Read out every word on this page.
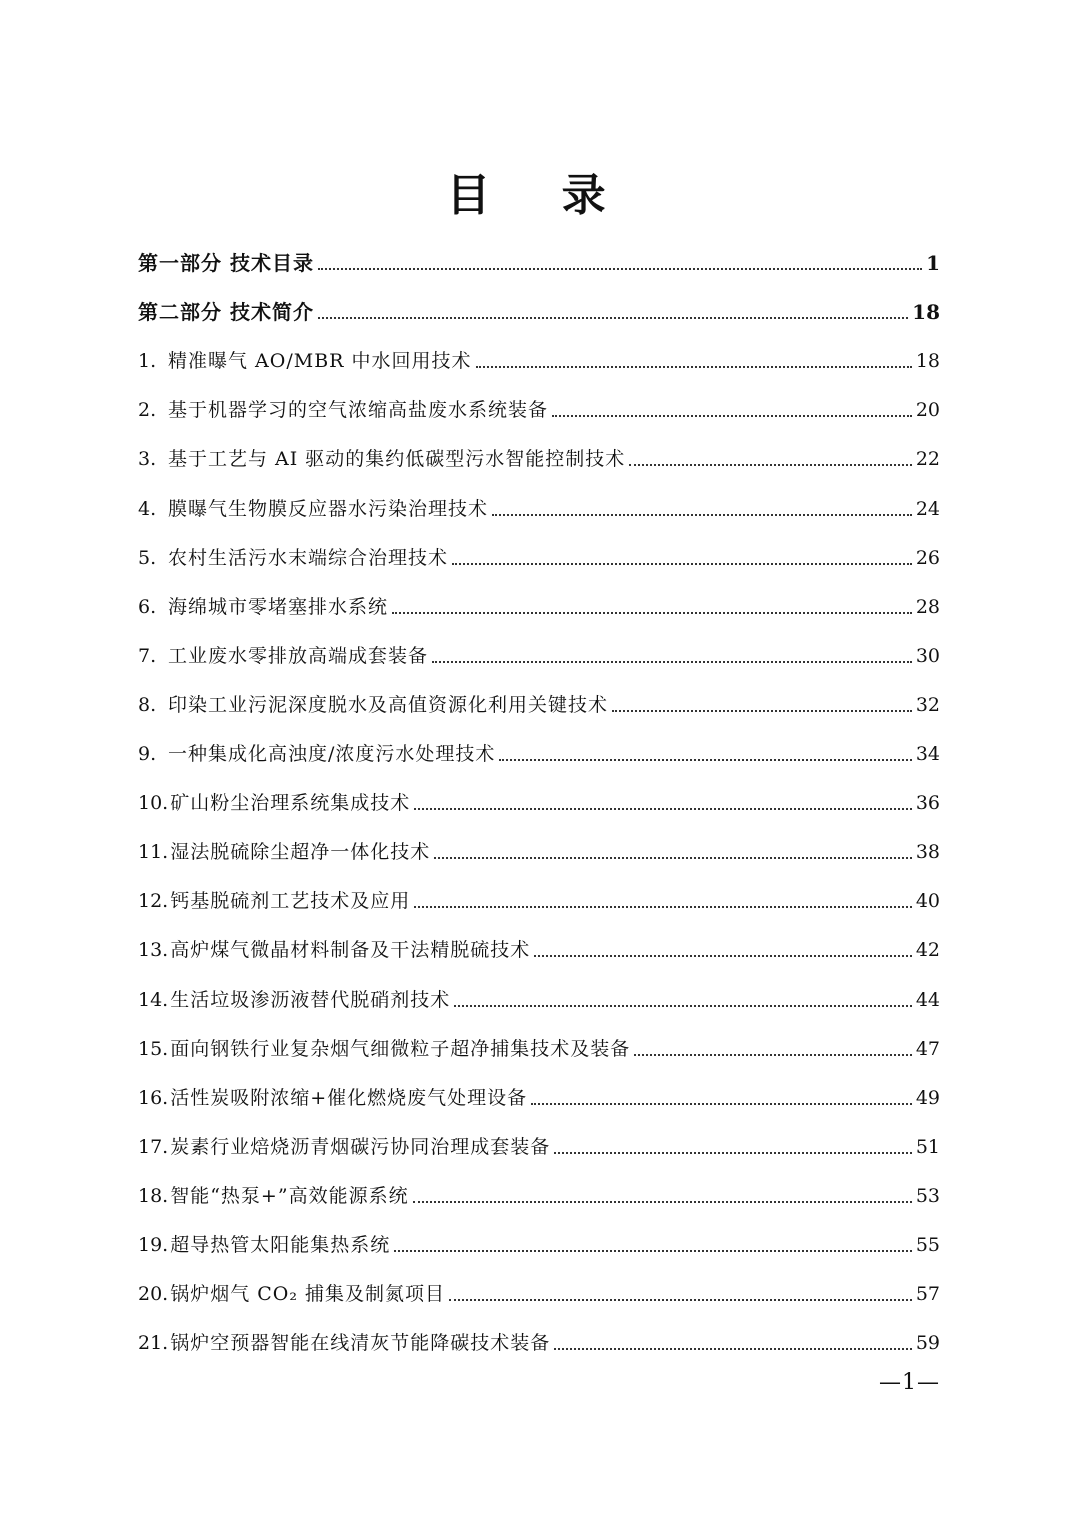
目 录
第一部分 技术目录	1
第二部分 技术简介	18
1. 精准曝气 AO/MBR 中水回用技术	18
2. 基于机器学习的空气浓缩高盐废水系统装备	20
3. 基于工艺与 AI 驱动的集约低碳型污水智能控制技术	22
4. 膜曝气生物膜反应器水污染治理技术	24
5. 农村生活污水末端综合治理技术	26
6. 海绵城市零堵塞排水系统	28
7. 工业废水零排放高端成套装备	30
8. 印染工业污泥深度脱水及高值资源化利用关键技术	32
9. 一种集成化高浊度/浓度污水处理技术	34
10. 矿山粉尘治理系统集成技术	36
11. 湿法脱硫除尘超净一体化技术	38
12. 钙基脱硫剂工艺技术及应用	40
13. 高炉煤气微晶材料制备及干法精脱硫技术	42
14. 生活垃圾渗沥液替代脱硝剂技术	44
15. 面向钢铁行业复杂烟气细微粒子超净捕集技术及装备	47
16. 活性炭吸附浓缩+催化燃烧废气处理设备	49
17. 炭素行业焙烧沥青烟碳污协同治理成套装备	51
18. 智能“热泵+”高效能源系统	53
19. 超导热管太阳能集热系统	55
20. 锅炉烟气 CO₂ 捕集及制氮项目	57
21. 锅炉空预器智能在线清灰节能降碳技术装备	59
—1—
